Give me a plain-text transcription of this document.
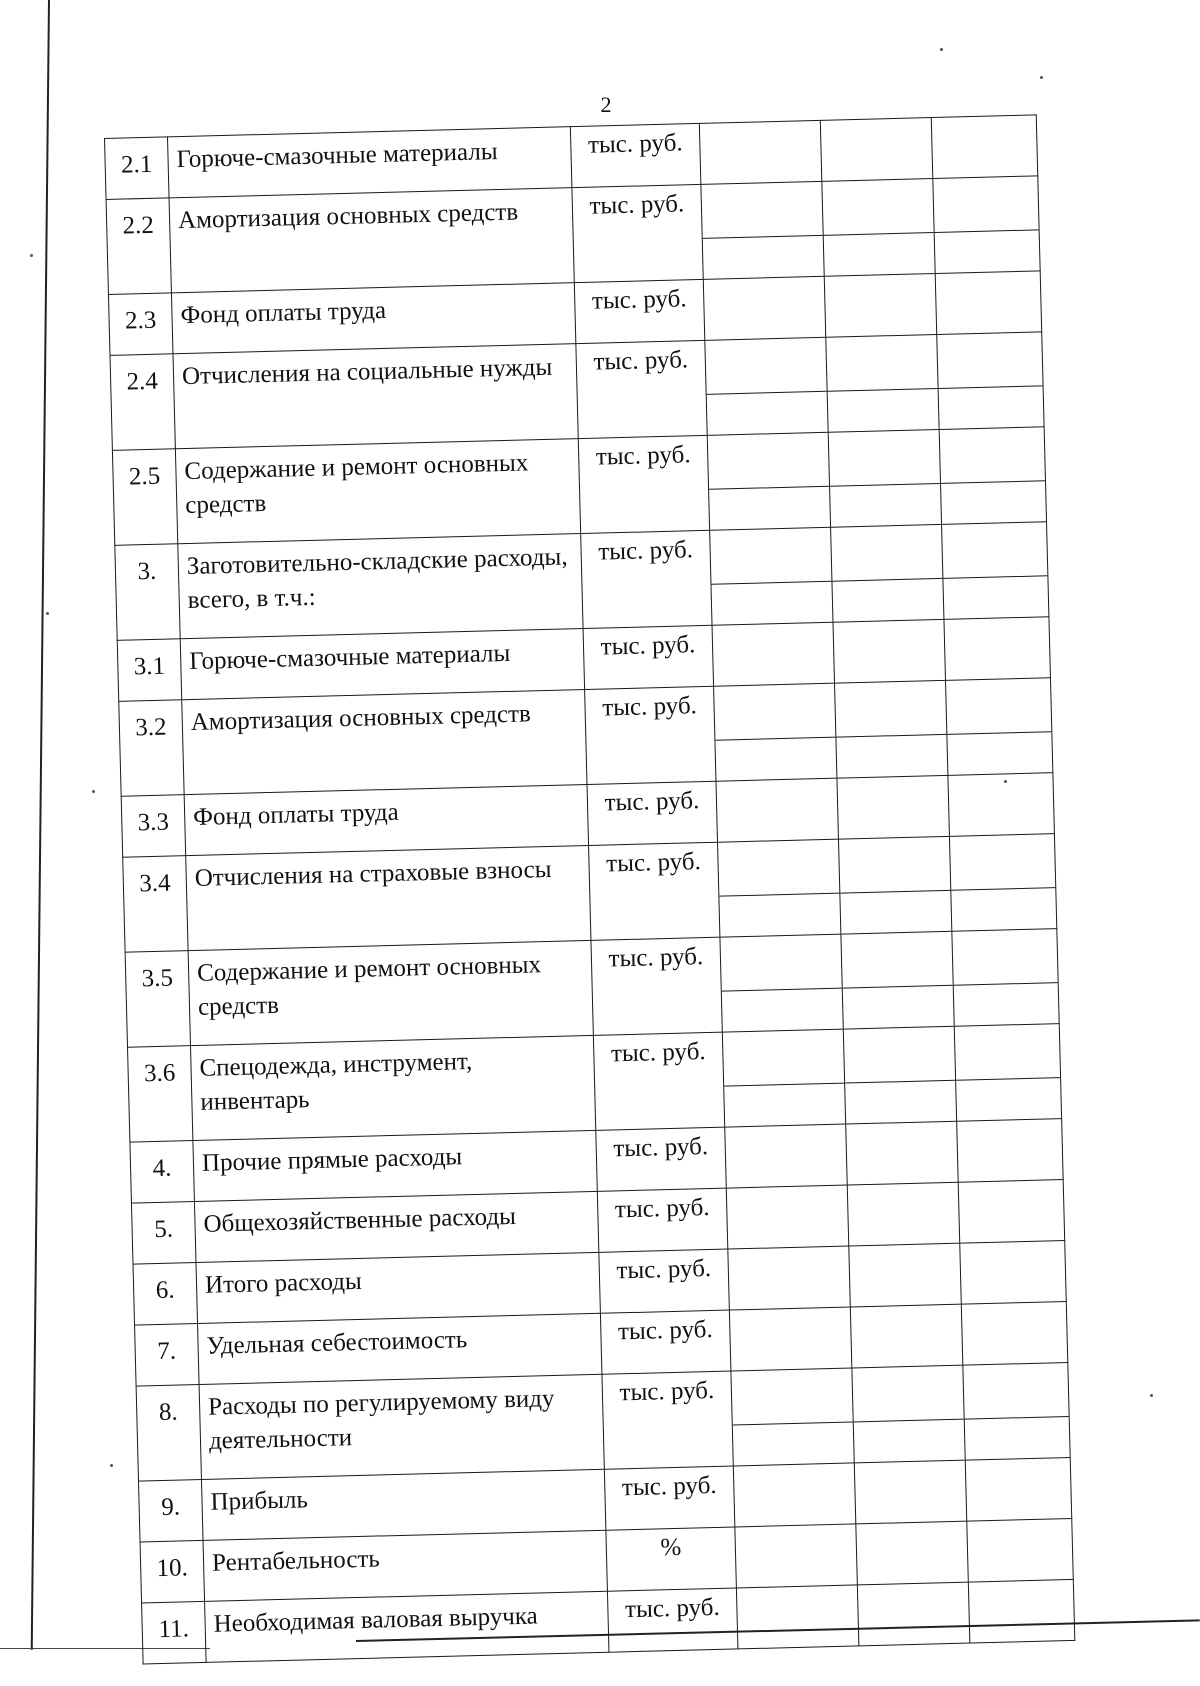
2
2.1	Горюче-смазочные материалы	тыс. руб.			
2.2	Амортизация основных средств	тыс. руб.	

2.3	Фонд оплаты труда	тыс. руб.			
2.4	Отчисления на социальные нужды	тыс. руб.	

2.5	Содержание и ремонт основных средств	тыс. руб.	

3.	Заготовительно-складские расходы, всего, в т.ч.:	тыс. руб.	

3.1	Горюче-смазочные материалы	тыс. руб.			
3.2	Амортизация основных средств	тыс. руб.	

3.3	Фонд оплаты труда	тыс. руб.			
3.4	Отчисления на страховые взносы	тыс. руб.	

3.5	Содержание и ремонт основных средств	тыс. руб.	

3.6	Спецодежда, инструмент, инвентарь	тыс. руб.	

4.	Прочие прямые расходы	тыс. руб.			
5.	Общехозяйственные расходы	тыс. руб.			
6.	Итого расходы	тыс. руб.			
7.	Удельная себестоимость	тыс. руб.			
8.	Расходы по регулируемому виду деятельности	тыс. руб.	

9.	Прибыль	тыс. руб.			
10.	Рентабельность	%			
11.	Необходимая валовая выручка	тыс. руб.			
